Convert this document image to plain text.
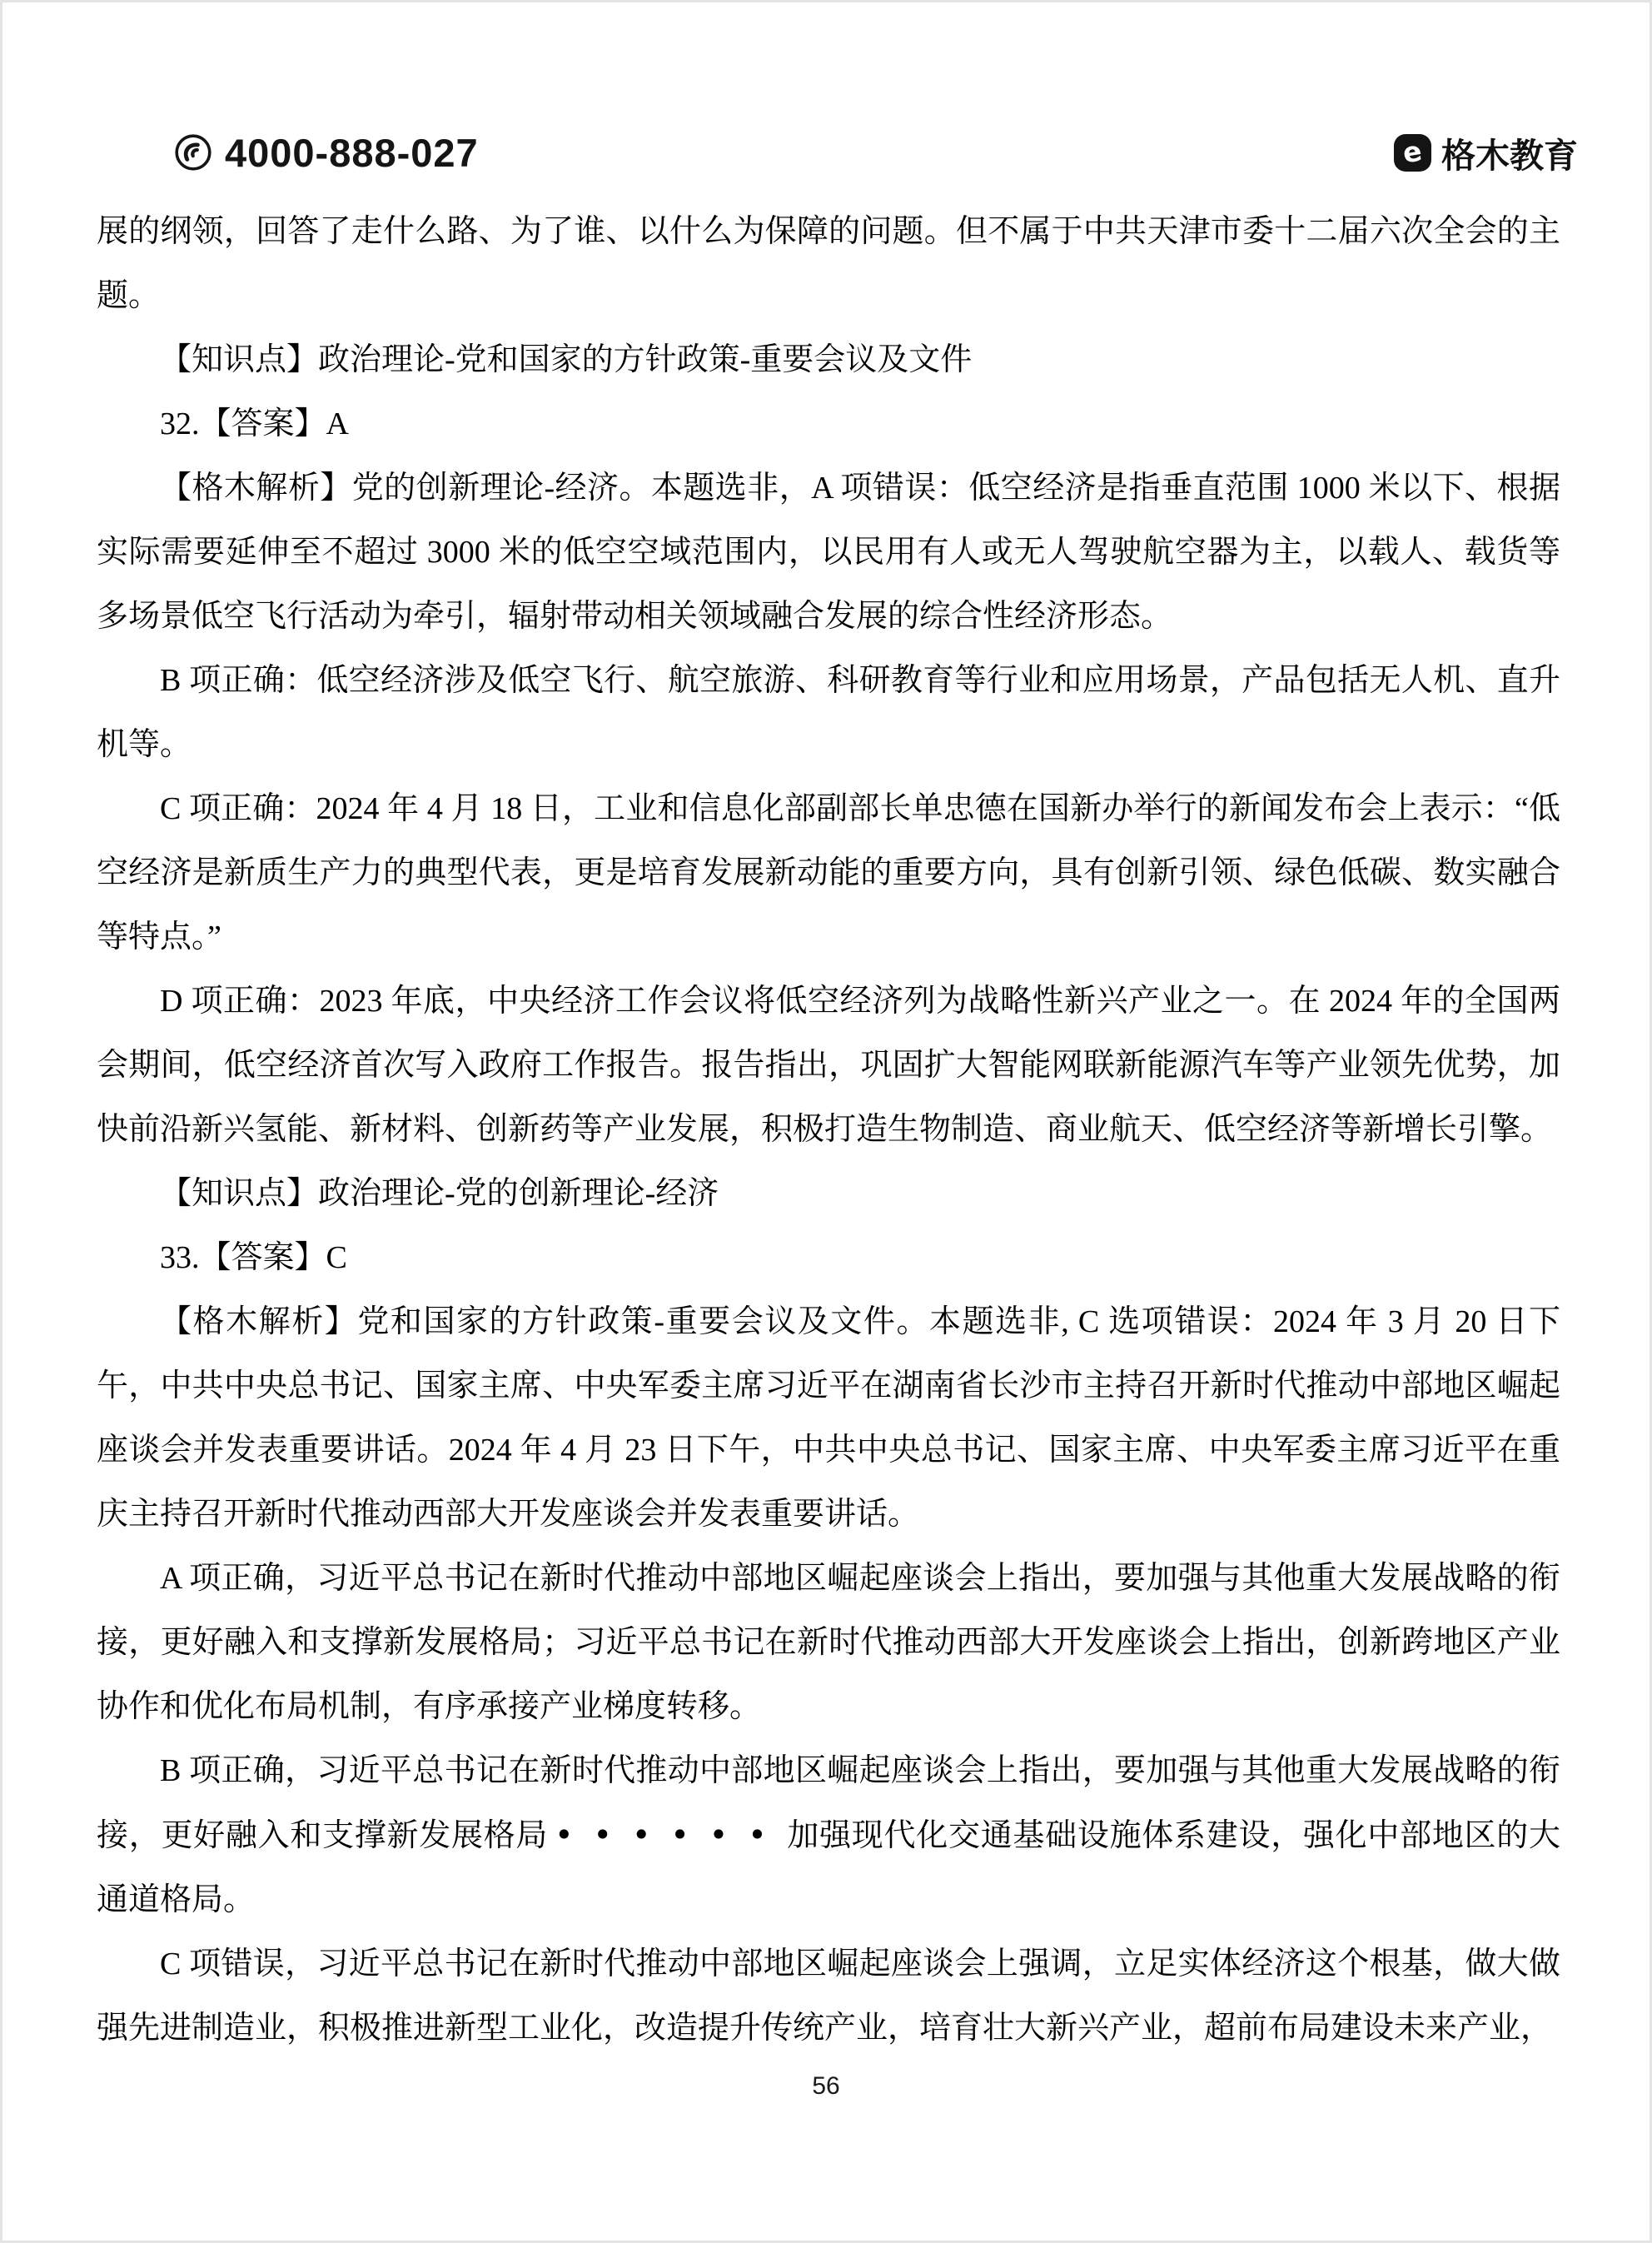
4000-888-027	e 格木教育

展的纲领，回答了走什么路、为了谁、以什么为保障的问题。但不属于中共天津市委十二届六次全会的主题。

【知识点】政治理论-党和国家的方针政策-重要会议及文件

32.【答案】A

【格木解析】党的创新理论-经济。本题选非，A 项错误：低空经济是指垂直范围 1000 米以下、根据实际需要延伸至不超过 3000 米的低空空域范围内，以民用有人或无人驾驶航空器为主，以载人、载货等多场景低空飞行活动为牵引，辐射带动相关领域融合发展的综合性经济形态。

B 项正确：低空经济涉及低空飞行、航空旅游、科研教育等行业和应用场景，产品包括无人机、直升机等。

C 项正确：2024 年 4 月 18 日，工业和信息化部副部长单忠德在国新办举行的新闻发布会上表示：“低空经济是新质生产力的典型代表，更是培育发展新动能的重要方向，具有创新引领、绿色低碳、数实融合等特点。”

D 项正确：2023 年底，中央经济工作会议将低空经济列为战略性新兴产业之一。在 2024 年的全国两会期间，低空经济首次写入政府工作报告。报告指出，巩固扩大智能网联新能源汽车等产业领先优势，加快前沿新兴氢能、新材料、创新药等产业发展，积极打造生物制造、商业航天、低空经济等新增长引擎。

【知识点】政治理论-党的创新理论-经济

33.【答案】C

【格木解析】党和国家的方针政策-重要会议及文件。本题选非, C 选项错误：2024 年 3 月 20 日下午，中共中央总书记、国家主席、中央军委主席习近平在湖南省长沙市主持召开新时代推动中部地区崛起座谈会并发表重要讲话。2024 年 4 月 23 日下午，中共中央总书记、国家主席、中央军委主席习近平在重庆主持召开新时代推动西部大开发座谈会并发表重要讲话。

A 项正确，习近平总书记在新时代推动中部地区崛起座谈会上指出，要加强与其他重大发展战略的衔接，更好融入和支撑新发展格局；习近平总书记在新时代推动西部大开发座谈会上指出，创新跨地区产业协作和优化布局机制，有序承接产业梯度转移。

B 项正确，习近平总书记在新时代推动中部地区崛起座谈会上指出，要加强与其他重大发展战略的衔接，更好融入和支撑新发展格局 ••••••加强现代化交通基础设施体系建设，强化中部地区的大通道格局。

C 项错误，习近平总书记在新时代推动中部地区崛起座谈会上强调，立足实体经济这个根基，做大做强先进制造业，积极推进新型工业化，改造提升传统产业，培育壮大新兴产业，超前布局建设未来产业，

56
